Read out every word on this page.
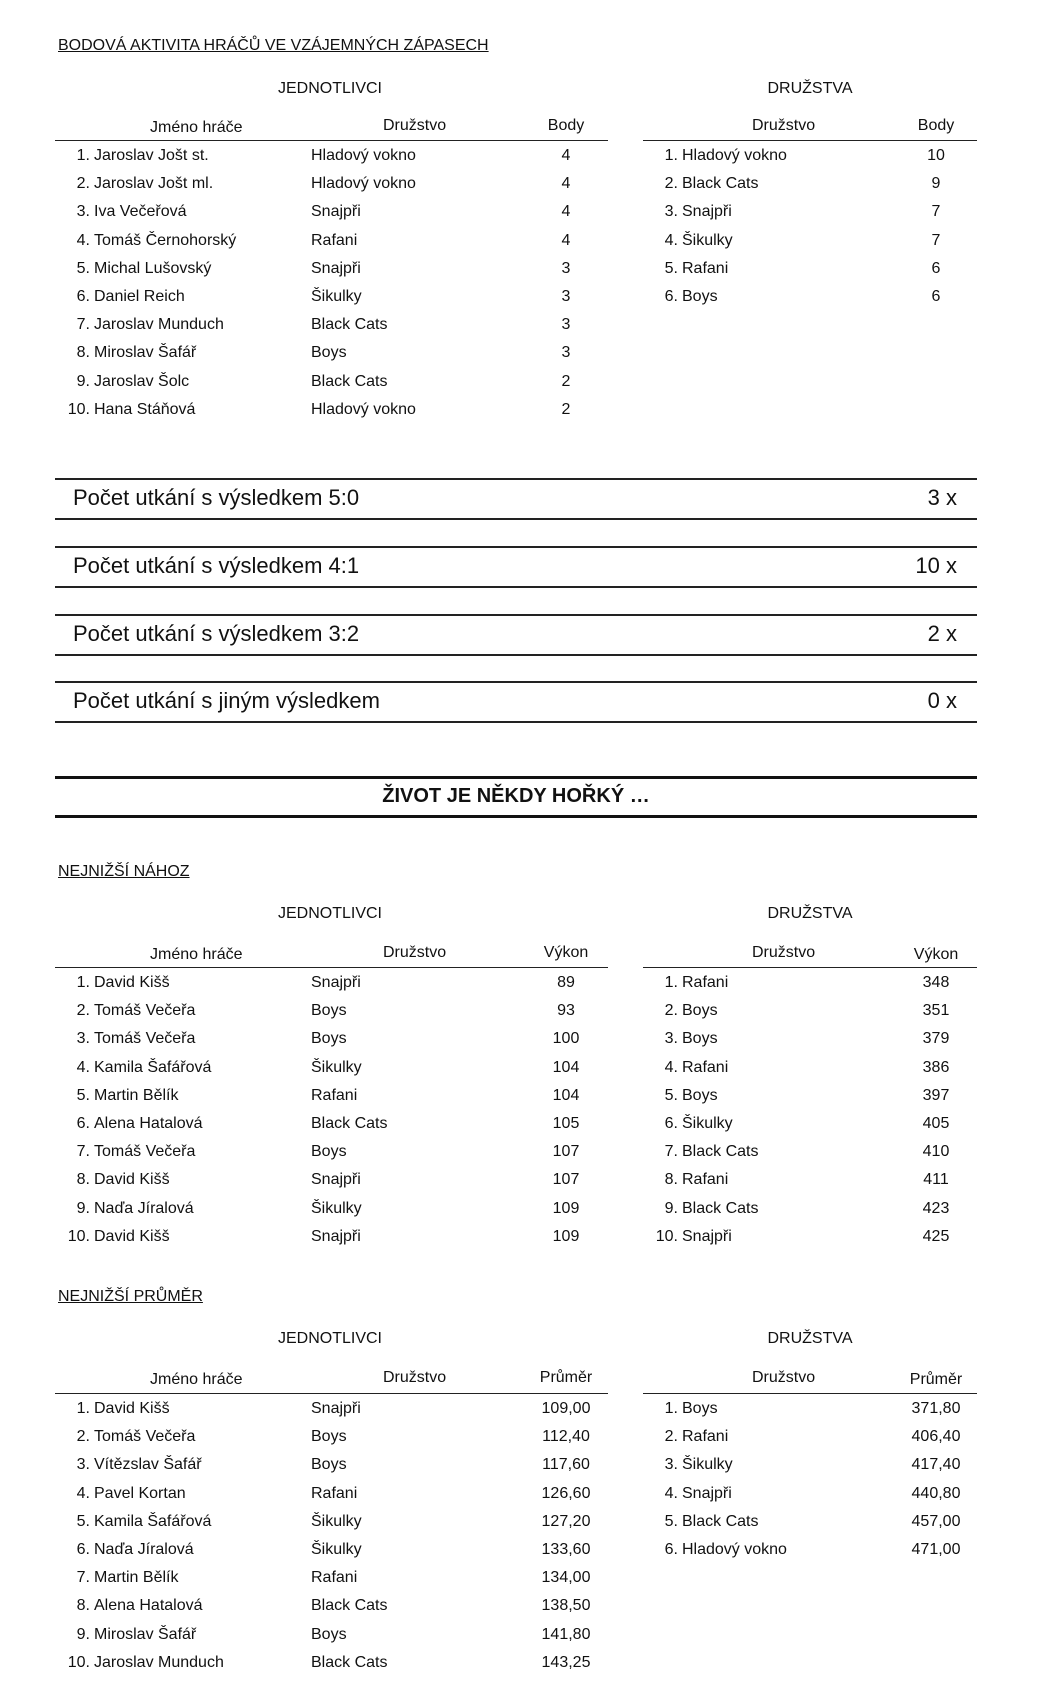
BODOVÁ AKTIVITA HRÁČŮ VE VZÁJEMNÝCH ZÁPASECH
JEDNOTLIVCI	DRUŽSTVA
Jméno hráče	Družstvo	Body	Družstvo	Body
1. Jaroslav Jošt st.	Hladový vokno	4
2. Jaroslav Jošt ml.	Hladový vokno	4
3. Iva Večeřová	Snajpři	4
4. Tomáš Černohorský	Rafani	4
5. Michal Lušovský	Snajpři	3
6. Daniel Reich	Šikulky	3
7. Jaroslav Munduch	Black Cats	3
8. Miroslav Šafář	Boys	3
9. Jaroslav Šolc	Black Cats	2
10. Hana Stáňová	Hladový vokno	2
1. Hladový vokno	10
2. Black Cats	9
3. Snajpři	7
4. Šikulky	7
5. Rafani	6
6. Boys	6
Počet utkání s výsledkem 5:0	3 x
Počet utkání s výsledkem 4:1	10 x
Počet utkání s výsledkem 3:2	2 x
Počet utkání s jiným výsledkem	0 x
ŽIVOT JE NĚKDY HOŘKÝ …
NEJNIŽŠÍ NÁHOZ
JEDNOTLIVCI	DRUŽSTVA
Jméno hráče	Družstvo	Výkon	Družstvo	Výkon
1. David Kišš	Snajpři	89
2. Tomáš Večeřa	Boys	93
3. Tomáš Večeřa	Boys	100
4. Kamila Šafářová	Šikulky	104
5. Martin Bělík	Rafani	104
6. Alena Hatalová	Black Cats	105
7. Tomáš Večeřa	Boys	107
8. David Kišš	Snajpři	107
9. Naďa Jíralová	Šikulky	109
10. David Kišš	Snajpři	109
1. Rafani	348
2. Boys	351
3. Boys	379
4. Rafani	386
5. Boys	397
6. Šikulky	405
7. Black Cats	410
8. Rafani	411
9. Black Cats	423
10. Snajpři	425
NEJNIŽŠÍ PRŮMĚR
JEDNOTLIVCI	DRUŽSTVA
Jméno hráče	Družstvo	Průměr	Družstvo	Průměr
1. David Kišš	Snajpři	109,00
2. Tomáš Večeřa	Boys	112,40
3. Vítězslav Šafář	Boys	117,60
4. Pavel Kortan	Rafani	126,60
5. Kamila Šafářová	Šikulky	127,20
6. Naďa Jíralová	Šikulky	133,60
7. Martin Bělík	Rafani	134,00
8. Alena Hatalová	Black Cats	138,50
9. Miroslav Šafář	Boys	141,80
10. Jaroslav Munduch	Black Cats	143,25
1. Boys	371,80
2. Rafani	406,40
3. Šikulky	417,40
4. Snajpři	440,80
5. Black Cats	457,00
6. Hladový vokno	471,00
